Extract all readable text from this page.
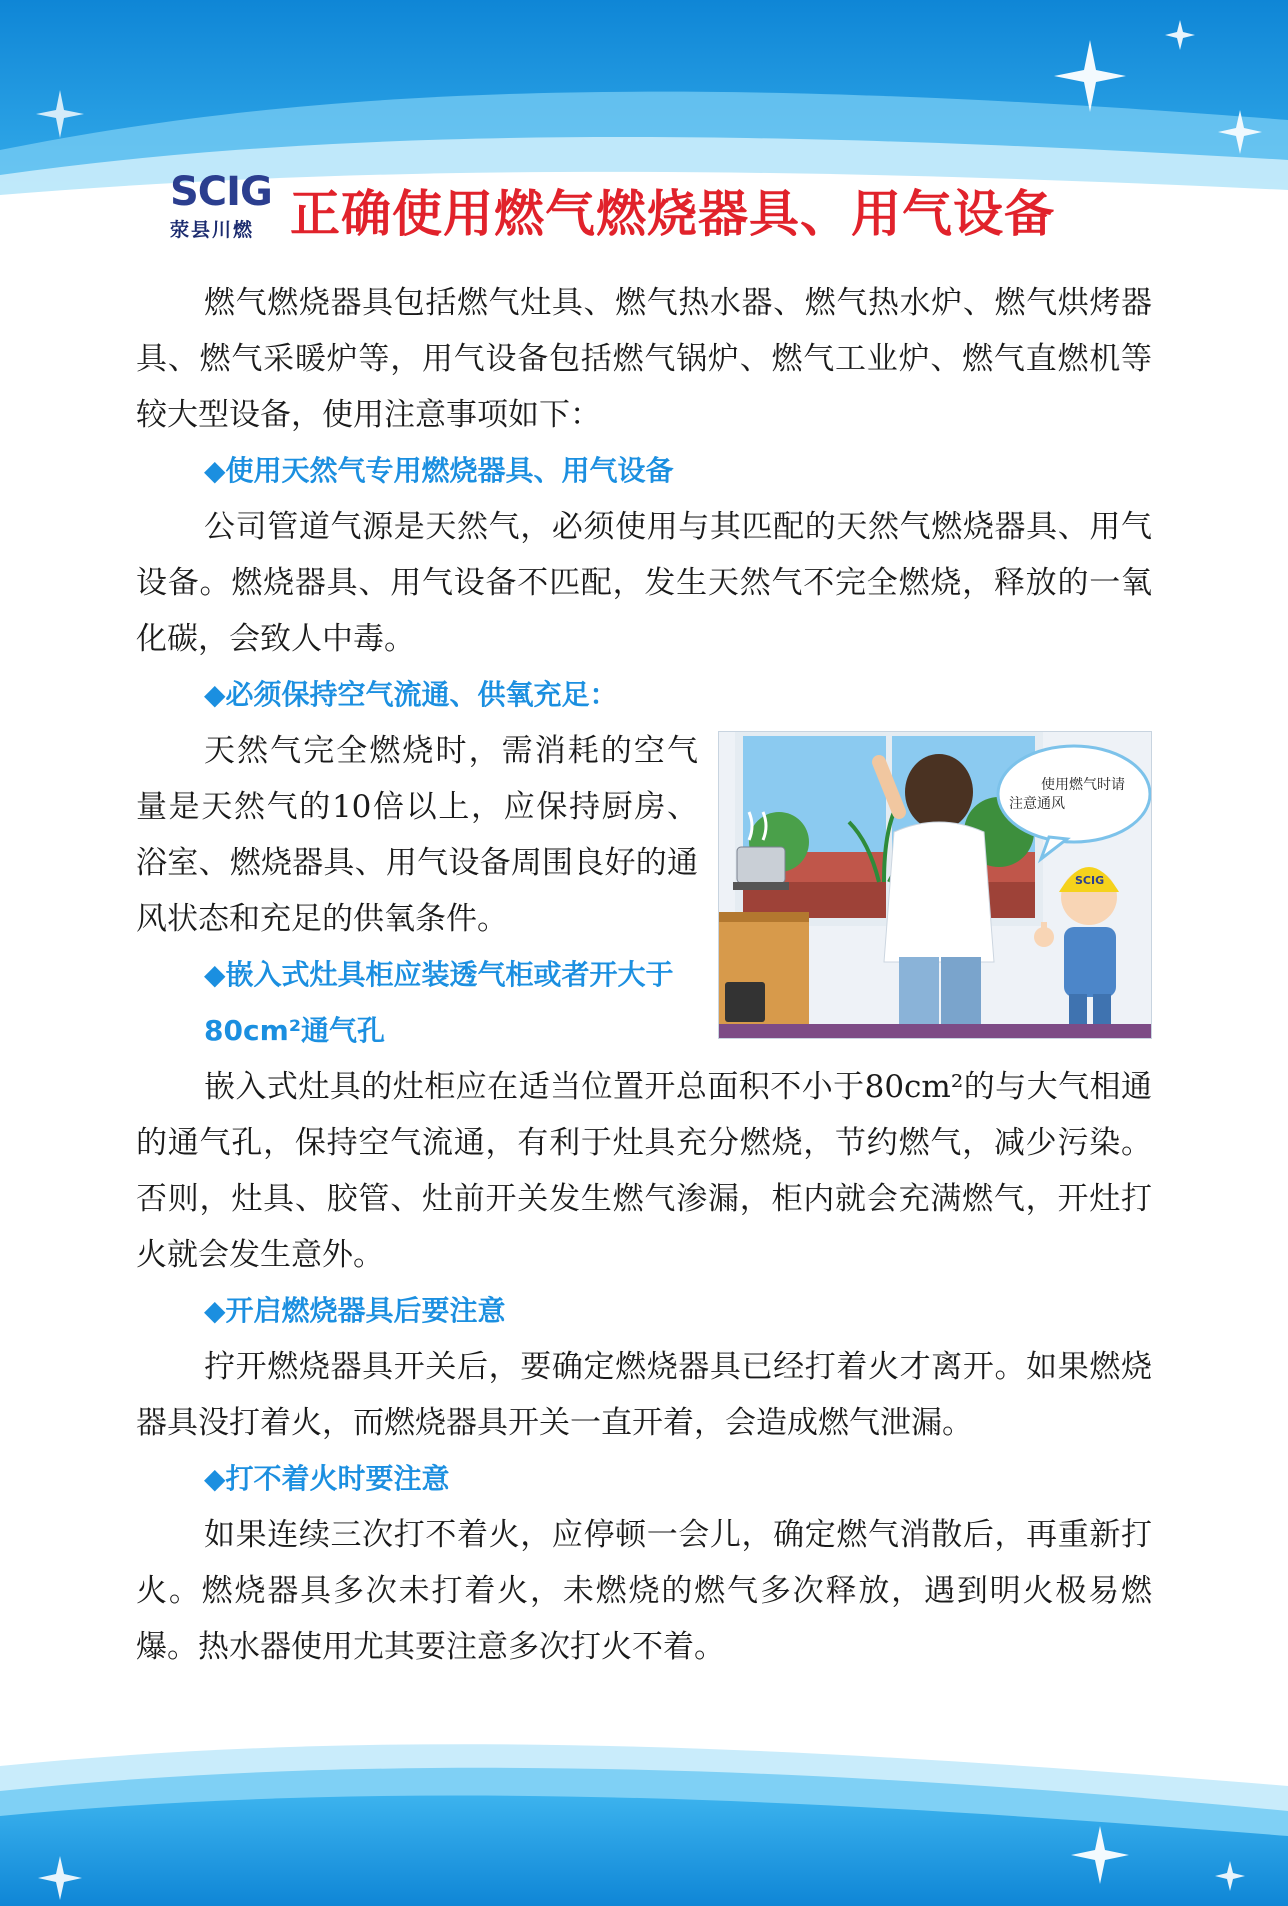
SCIG
荥县川燃 正确使用燃气燃烧器具、用气设备

燃气燃烧器具包括燃气灶具、燃气热水器、燃气热水炉、燃气烘烤器具、燃气采暖炉等，用气设备包括燃气锅炉、燃气工业炉、燃气直燃机等较大型设备，使用注意事项如下：

◆使用天然气专用燃烧器具、用气设备

公司管道气源是天然气，必须使用与其匹配的天然气燃烧器具、用气设备。燃烧器具、用气设备不匹配，发生天然气不完全燃烧，释放的一氧化碳，会致人中毒。

◆必须保持空气流通、供氧充足：

使用燃气时请
注意通风
SCIG

天然气完全燃烧时，需消耗的空气量是天然气的10倍以上，应保持厨房、浴室、燃烧器具、用气设备周围良好的通风状态和充足的供氧条件。

◆嵌入式灶具柜应装透气柜或者开大于80cm²通气孔

嵌入式灶具的灶柜应在适当位置开总面积不小于80cm²的与大气相通的通气孔，保持空气流通，有利于灶具充分燃烧，节约燃气，减少污染。否则，灶具、胶管、灶前开关发生燃气渗漏，柜内就会充满燃气，开灶打火就会发生意外。

◆开启燃烧器具后要注意

拧开燃烧器具开关后，要确定燃烧器具已经打着火才离开。如果燃烧器具没打着火，而燃烧器具开关一直开着，会造成燃气泄漏。

◆打不着火时要注意

如果连续三次打不着火，应停顿一会儿，确定燃气消散后，再重新打火。燃烧器具多次未打着火，未燃烧的燃气多次释放，遇到明火极易燃爆。热水器使用尤其要注意多次打火不着。
